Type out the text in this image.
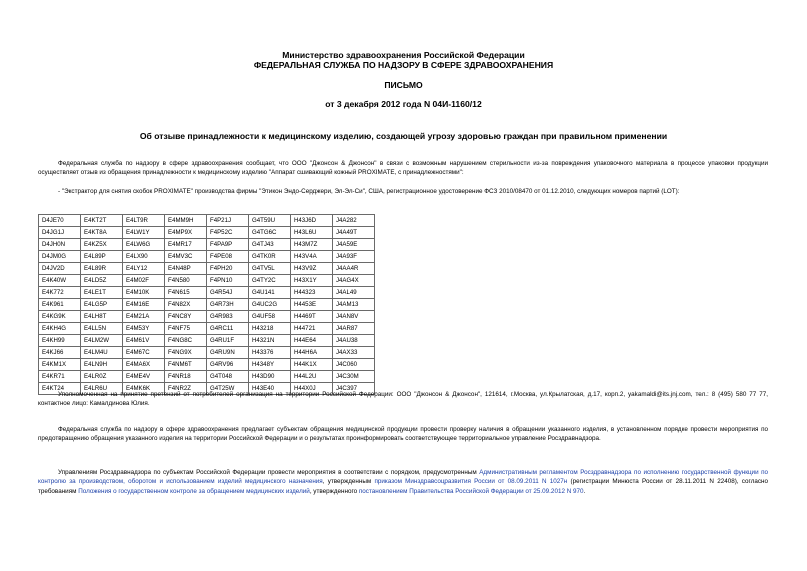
Министерство здравоохранения Российской Федерации
ФЕДЕРАЛЬНАЯ СЛУЖБА ПО НАДЗОРУ В СФЕРЕ ЗДРАВООХРАНЕНИЯ
ПИСЬМО
от 3 декабря 2012 года N 04И-1160/12
Об отзыве принадлежности к медицинскому изделию, создающей угрозу здоровью граждан при правильном применении
Федеральная служба по надзору в сфере здравоохранения сообщает, что ООО "Джонсон & Джонсон" в связи с возможным нарушением стерильности из-за повреждения упаковочного материала в процессе упаковки продукции осуществляет отзыв из обращения принадлежности к медицинскому изделию "Аппарат сшивающий кожный PROXIMATE, с принадлежностями":
- "Экстрактор для снятия скобок PROXIMATE" производства фирмы "Этикон Эндо-Серджери, Эл-Эл-Си", США, регистрационное удостоверение ФСЗ 2010/08470 от 01.12.2010, следующих номеров партий (LOT):
D4JE70	E4KT2T	E4LT9R	E4MM9H	F4P21J	G4T59U	H43J6D	J4A282
D4JG1J	E4KT8A	E4LW1Y	E4MP9X	F4P52C	G4TG6C	H43L6U	J4A49T
D4JH0N	E4KZ5X	E4LW6G	E4MR17	F4PA9P	G4TJ43	H43M7Z	J4A59E
D4JM0G	E4L89P	E4LX90	E4MV3C	F4PE08	G4TK0R	H43V4A	J4A93F
D4JV2D	E4L89R	E4LY12	E4N48P	F4PH20	G4TV5L	H43V9Z	J4AA4R
E4K40W	E4LD5Z	E4M02F	F4N580	F4PN10	G4TY2C	H43X1Y	J4AG4X
E4K772	E4LE1T	E4M10K	F4N615	G4R54J	G4U141	H44323	J4AL49
E4K961	E4LG5P	E4M16E	F4N82X	G4R73H	G4UC2G	H4453E	J4AM13
E4KG9K	E4LH8T	E4M21A	F4NC8Y	G4R983	G4UF58	H4469T	J4AN8V
E4KH4G	E4LL5N	E4M53Y	F4NF75	G4RC11	H43218	H44721	J4AR87
E4KH99	E4LM2W	E4M61V	F4NG8C	G4RU1F	H4321N	H44E64	J4AU38
E4KJ66	E4LM4U	E4M67C	F4NG9X	G4RU9N	H43376	H44H6A	J4AX33
E4KM1X	E4LN9H	E4MA6X	F4NM6T	G4RV96	H4348Y	H44K1X	J4C060
E4KR71	E4LR0Z	E4ME4V	F4NR18	G4T048	H43D90	H44L2U	J4C30M
E4KT24	E4LR6U	E4MK6K	F4NR2Z	G4T25W	H43E40	H44X0J	J4C397
Уполномоченная на принятие претензий от потребителей организация на территории Российской Федерации: ООО "Джонсон & Джонсон", 121614, г.Москва, ул.Крылатская, д.17, корп.2, yakamaldi@its.jnj.com, тел.: 8 (495) 580 77 77, контактное лицо: Камалдинова Юлия.
Федеральная служба по надзору в сфере здравоохранения предлагает субъектам обращения медицинской продукции провести проверку наличия в обращении указанного изделия, в установленном порядке провести мероприятия по предотвращению обращения указанного изделия на территории Российской Федерации и о результатах проинформировать соответствующее территориальное управление Росздравнадзора.
Управлениям Росздравнадзора по субъектам Российской Федерации провести мероприятия в соответствии с порядком, предусмотренным Административным регламентом Росздравнадзора по исполнению государственной функции по контролю за производством, оборотом и использованием изделий медицинского назначения, утвержденным приказом Минздравсоцразвития России от 08.09.2011 N 1027н (регистрации Минюста России от 28.11.2011 N 22408), согласно требованиям Положения о государственном контроле за обращением медицинских изделий, утвержденного постановлением Правительства Российской Федерации от 25.09.2012 N 970.
